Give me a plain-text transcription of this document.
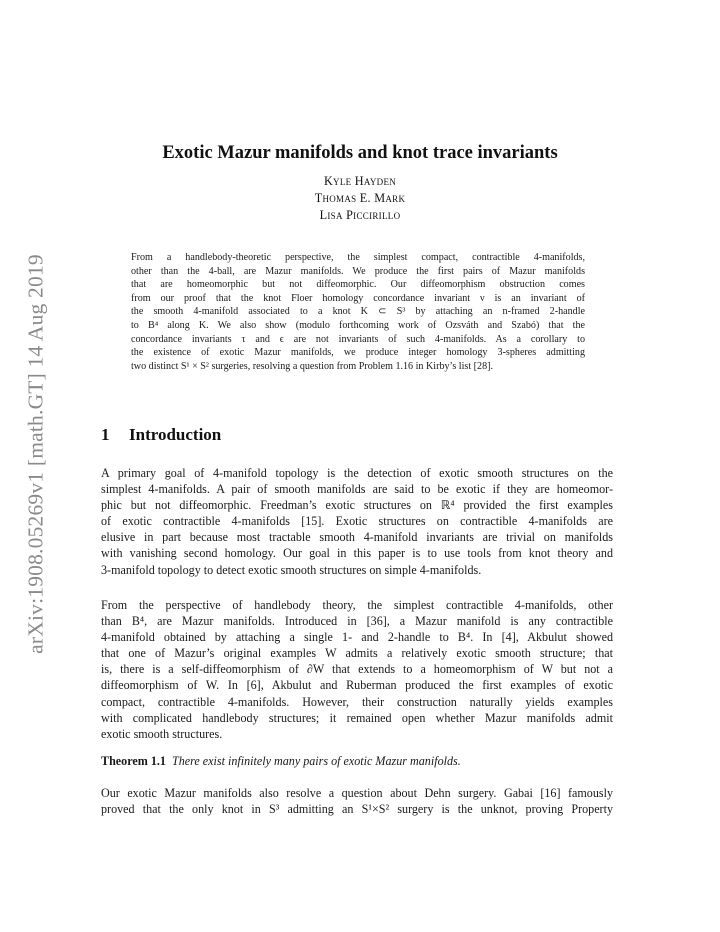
arXiv:1908.05269v1 [math.GT] 14 Aug 2019
Exotic Mazur manifolds and knot trace invariants
Kyle Hayden
Thomas E. Mark
Lisa Piccirillo
From a handlebody-theoretic perspective, the simplest compact, contractible 4-manifolds,
other than the 4-ball, are Mazur manifolds. We produce the first pairs of Mazur manifolds
that are homeomorphic but not diffeomorphic. Our diffeomorphism obstruction comes
from our proof that the knot Floer homology concordance invariant ν is an invariant of
the smooth 4-manifold associated to a knot K ⊂ S³ by attaching an n-framed 2-handle
to B⁴ along K. We also show (modulo forthcoming work of Ozsváth and Szabó) that the
concordance invariants τ and ϵ are not invariants of such 4-manifolds. As a corollary to
the existence of exotic Mazur manifolds, we produce integer homology 3-spheres admitting
two distinct S¹ × S² surgeries, resolving a question from Problem 1.16 in Kirby’s list [28].
1 Introduction
A primary goal of 4-manifold topology is the detection of exotic smooth structures on the
simplest 4-manifolds. A pair of smooth manifolds are said to be exotic if they are homeomor-
phic but not diffeomorphic. Freedman’s exotic structures on ℝ⁴ provided the first examples
of exotic contractible 4-manifolds [15]. Exotic structures on contractible 4-manifolds are
elusive in part because most tractable smooth 4-manifold invariants are trivial on manifolds
with vanishing second homology. Our goal in this paper is to use tools from knot theory and
3-manifold topology to detect exotic smooth structures on simple 4-manifolds.
From the perspective of handlebody theory, the simplest contractible 4-manifolds, other
than B⁴, are Mazur manifolds. Introduced in [36], a Mazur manifold is any contractible
4-manifold obtained by attaching a single 1- and 2-handle to B⁴. In [4], Akbulut showed
that one of Mazur’s original examples W admits a relatively exotic smooth structure; that
is, there is a self-diffeomorphism of ∂W that extends to a homeomorphism of W but not a
diffeomorphism of W. In [6], Akbulut and Ruberman produced the first examples of exotic
compact, contractible 4-manifolds. However, their construction naturally yields examples
with complicated handlebody structures; it remained open whether Mazur manifolds admit
exotic smooth structures.
Theorem 1.1 There exist infinitely many pairs of exotic Mazur manifolds.
Our exotic Mazur manifolds also resolve a question about Dehn surgery. Gabai [16] famously
proved that the only knot in S³ admitting an S¹×S² surgery is the unknot, proving Property
